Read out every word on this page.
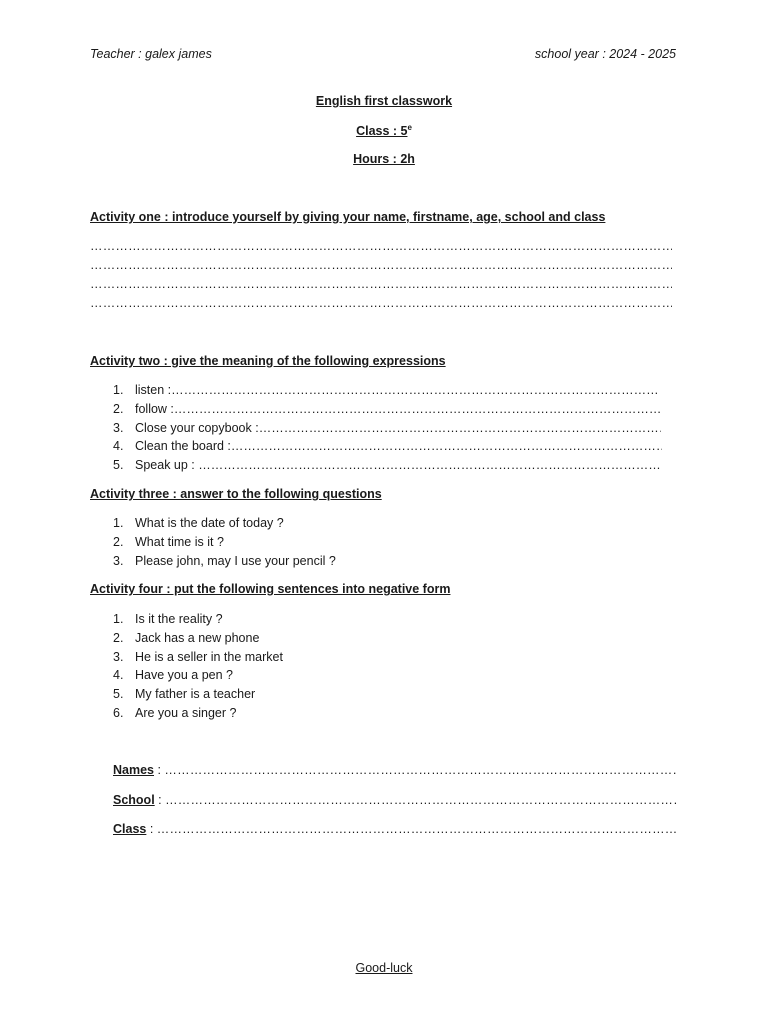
Teacher : galex james	school year : 2024 - 2025
English first classwork
Class : 5e
Hours : 2h
Activity one : introduce yourself by giving your name, firstname, age, school and class
………………………………………………………………………………………………………………………………………………………………………………………………
………………………………………………………………………………………………………………………………………………………………………………………………
………………………………………………………………………………………………………………………………………………………………………………………………
………………………………………………………………………………………………………………………………………………………………………………………………
Activity two : give the meaning of the following expressions
1. listen : ………………………………………………………………………………………………………………………………………………………………………
2. follow : ………………………………………………………………………………………………………………………………………………………………………
3. Close your copybook : ………………………………………………………………………………………………………………………………………………………………………
4. Clean the board : ………………………………………………………………………………………………………………………………………………………………………
5. Speak up : ………………………………………………………………………………………………………………………………………………………………………
Activity three : answer to the following questions
1. What is the date of today ?
2. What time is it ?
3. Please john, may I use your pencil ?
Activity four : put the following sentences into negative form
1. Is it the reality ?
2. Jack has a new phone
3. He is a seller in the market
4. Have you a pen ?
5. My father is a teacher
6. Are you a singer ?
Names : ………………………………………………………………………………………………………………………………………………………………………
School : ………………………………………………………………………………………………………………………………………………………………………
Class : ………………………………………………………………………………………………………………………………………………………………………
Good-luck
